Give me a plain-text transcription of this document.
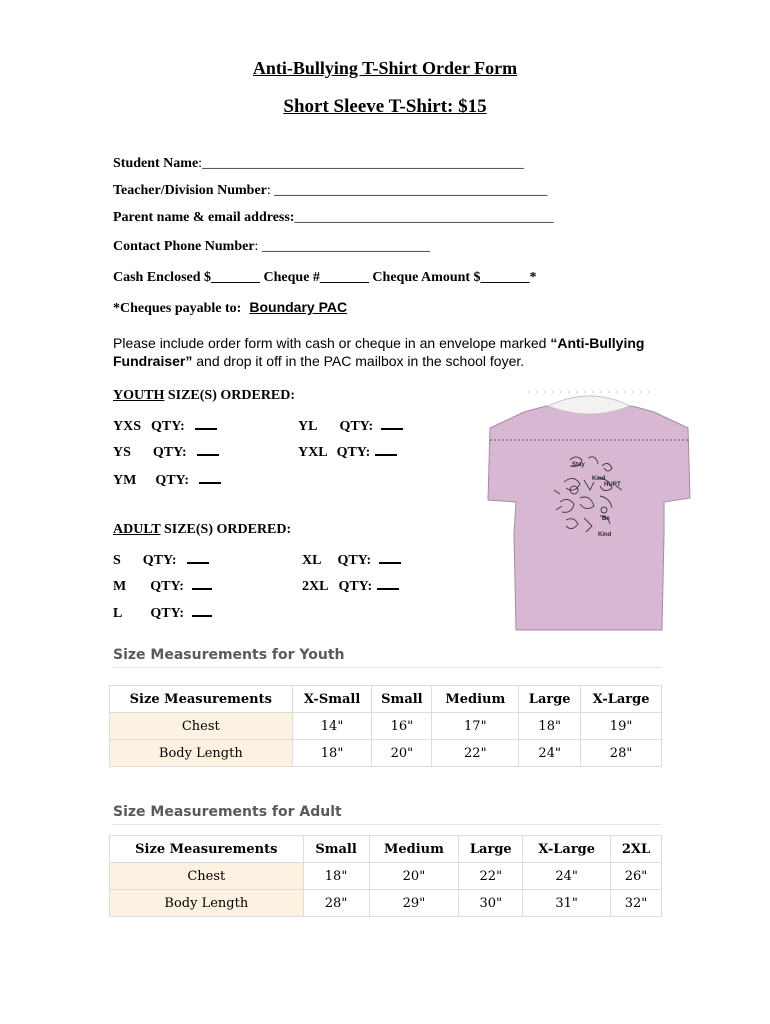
Anti-Bullying T-Shirt Order Form
Short Sleeve T-Shirt: $15
Student Name:______________________________________________
Teacher/Division Number: _______________________________________
Parent name & email address:_____________________________________
Contact Phone Number: ________________________
Cash Enclosed $_______ Cheque #_______ Cheque Amount $_______*
*Cheques payable to: Boundary PAC
Please include order form with cash or cheque in an envelope marked “Anti-Bullying Fundraiser” and drop it off in the PAC mailbox in the school foyer.
YOUTH SIZE(S) ORDERED:
YXS QTY:	YL QTY:
YS QTY:	YXL QTY:
YM QTY:
ADULT SIZE(S) ORDERED:
S QTY:	XL QTY:
M QTY:	2XL QTY:
L QTY:
Stay
Kind
HURT
Be
Kind
Size Measurements for Youth
Size Measurements	X-Small	Small	Medium	Large	X-Large
Chest	14"	16"	17"	18"	19"
Body Length	18"	20"	22"	24"	28"
Size Measurements for Adult
Size Measurements	Small	Medium	Large	X-Large	2XL
Chest	18"	20"	22"	24"	26"
Body Length	28"	29"	30"	31"	32"
